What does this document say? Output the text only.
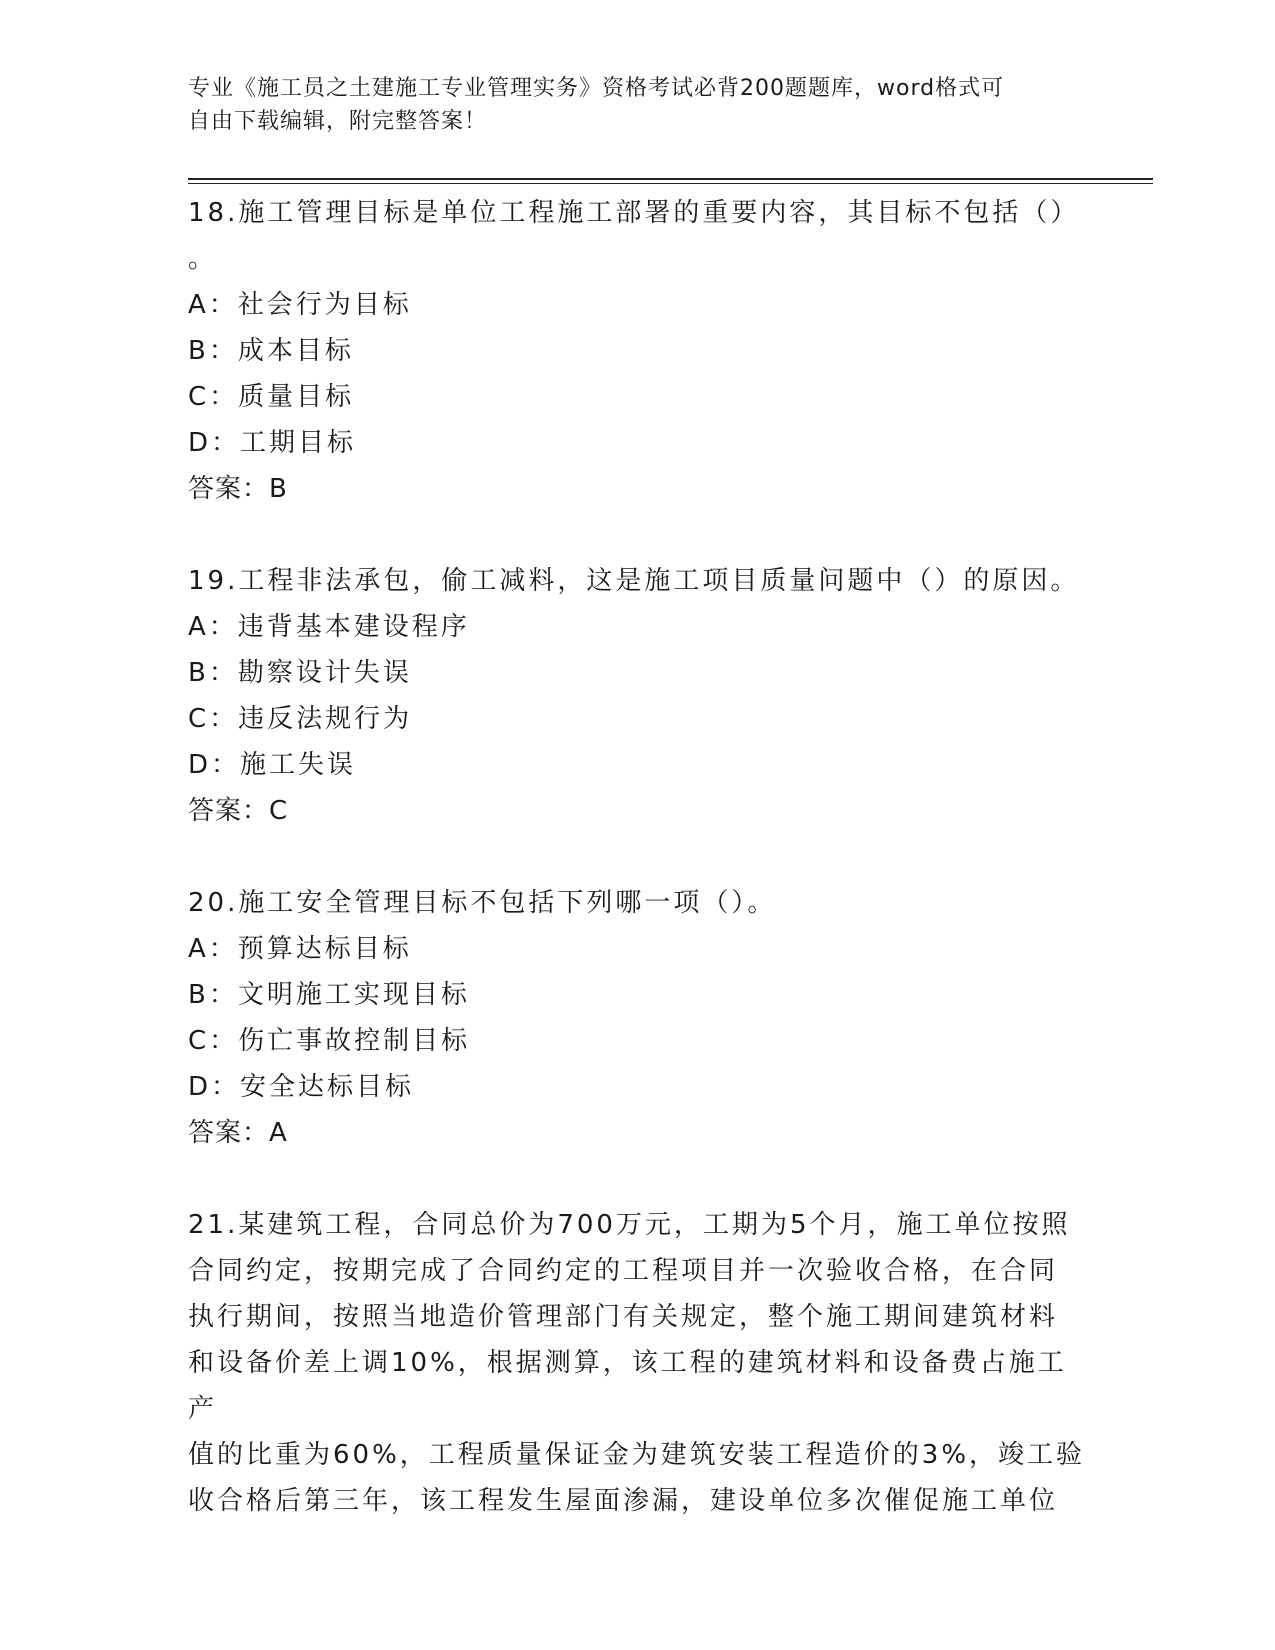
专业《施工员之土建施工专业管理实务》资格考试必背200题题库，word格式可
自由下载编辑，附完整答案！

18.施工管理目标是单位工程施工部署的重要内容，其目标不包括（）

。

A：社会行为目标

B：成本目标

C：质量目标

D：工期目标

答案：B

19.工程非法承包，偷工减料，这是施工项目质量问题中（）的原因。

A：违背基本建设程序

B：勘察设计失误

C：违反法规行为

D：施工失误

答案：C

20.施工安全管理目标不包括下列哪一项（）。

A：预算达标目标

B：文明施工实现目标

C：伤亡事故控制目标

D：安全达标目标

答案：A

21.某建筑工程，合同总价为700万元，工期为5个月，施工单位按照

合同约定，按期完成了合同约定的工程项目并一次验收合格，在合同

执行期间，按照当地造价管理部门有关规定，整个施工期间建筑材料

和设备价差上调10%，根据测算，该工程的建筑材料和设备费占施工产

值的比重为60%，工程质量保证金为建筑安装工程造价的3%，竣工验

收合格后第三年，该工程发生屋面渗漏，建设单位多次催促施工单位
